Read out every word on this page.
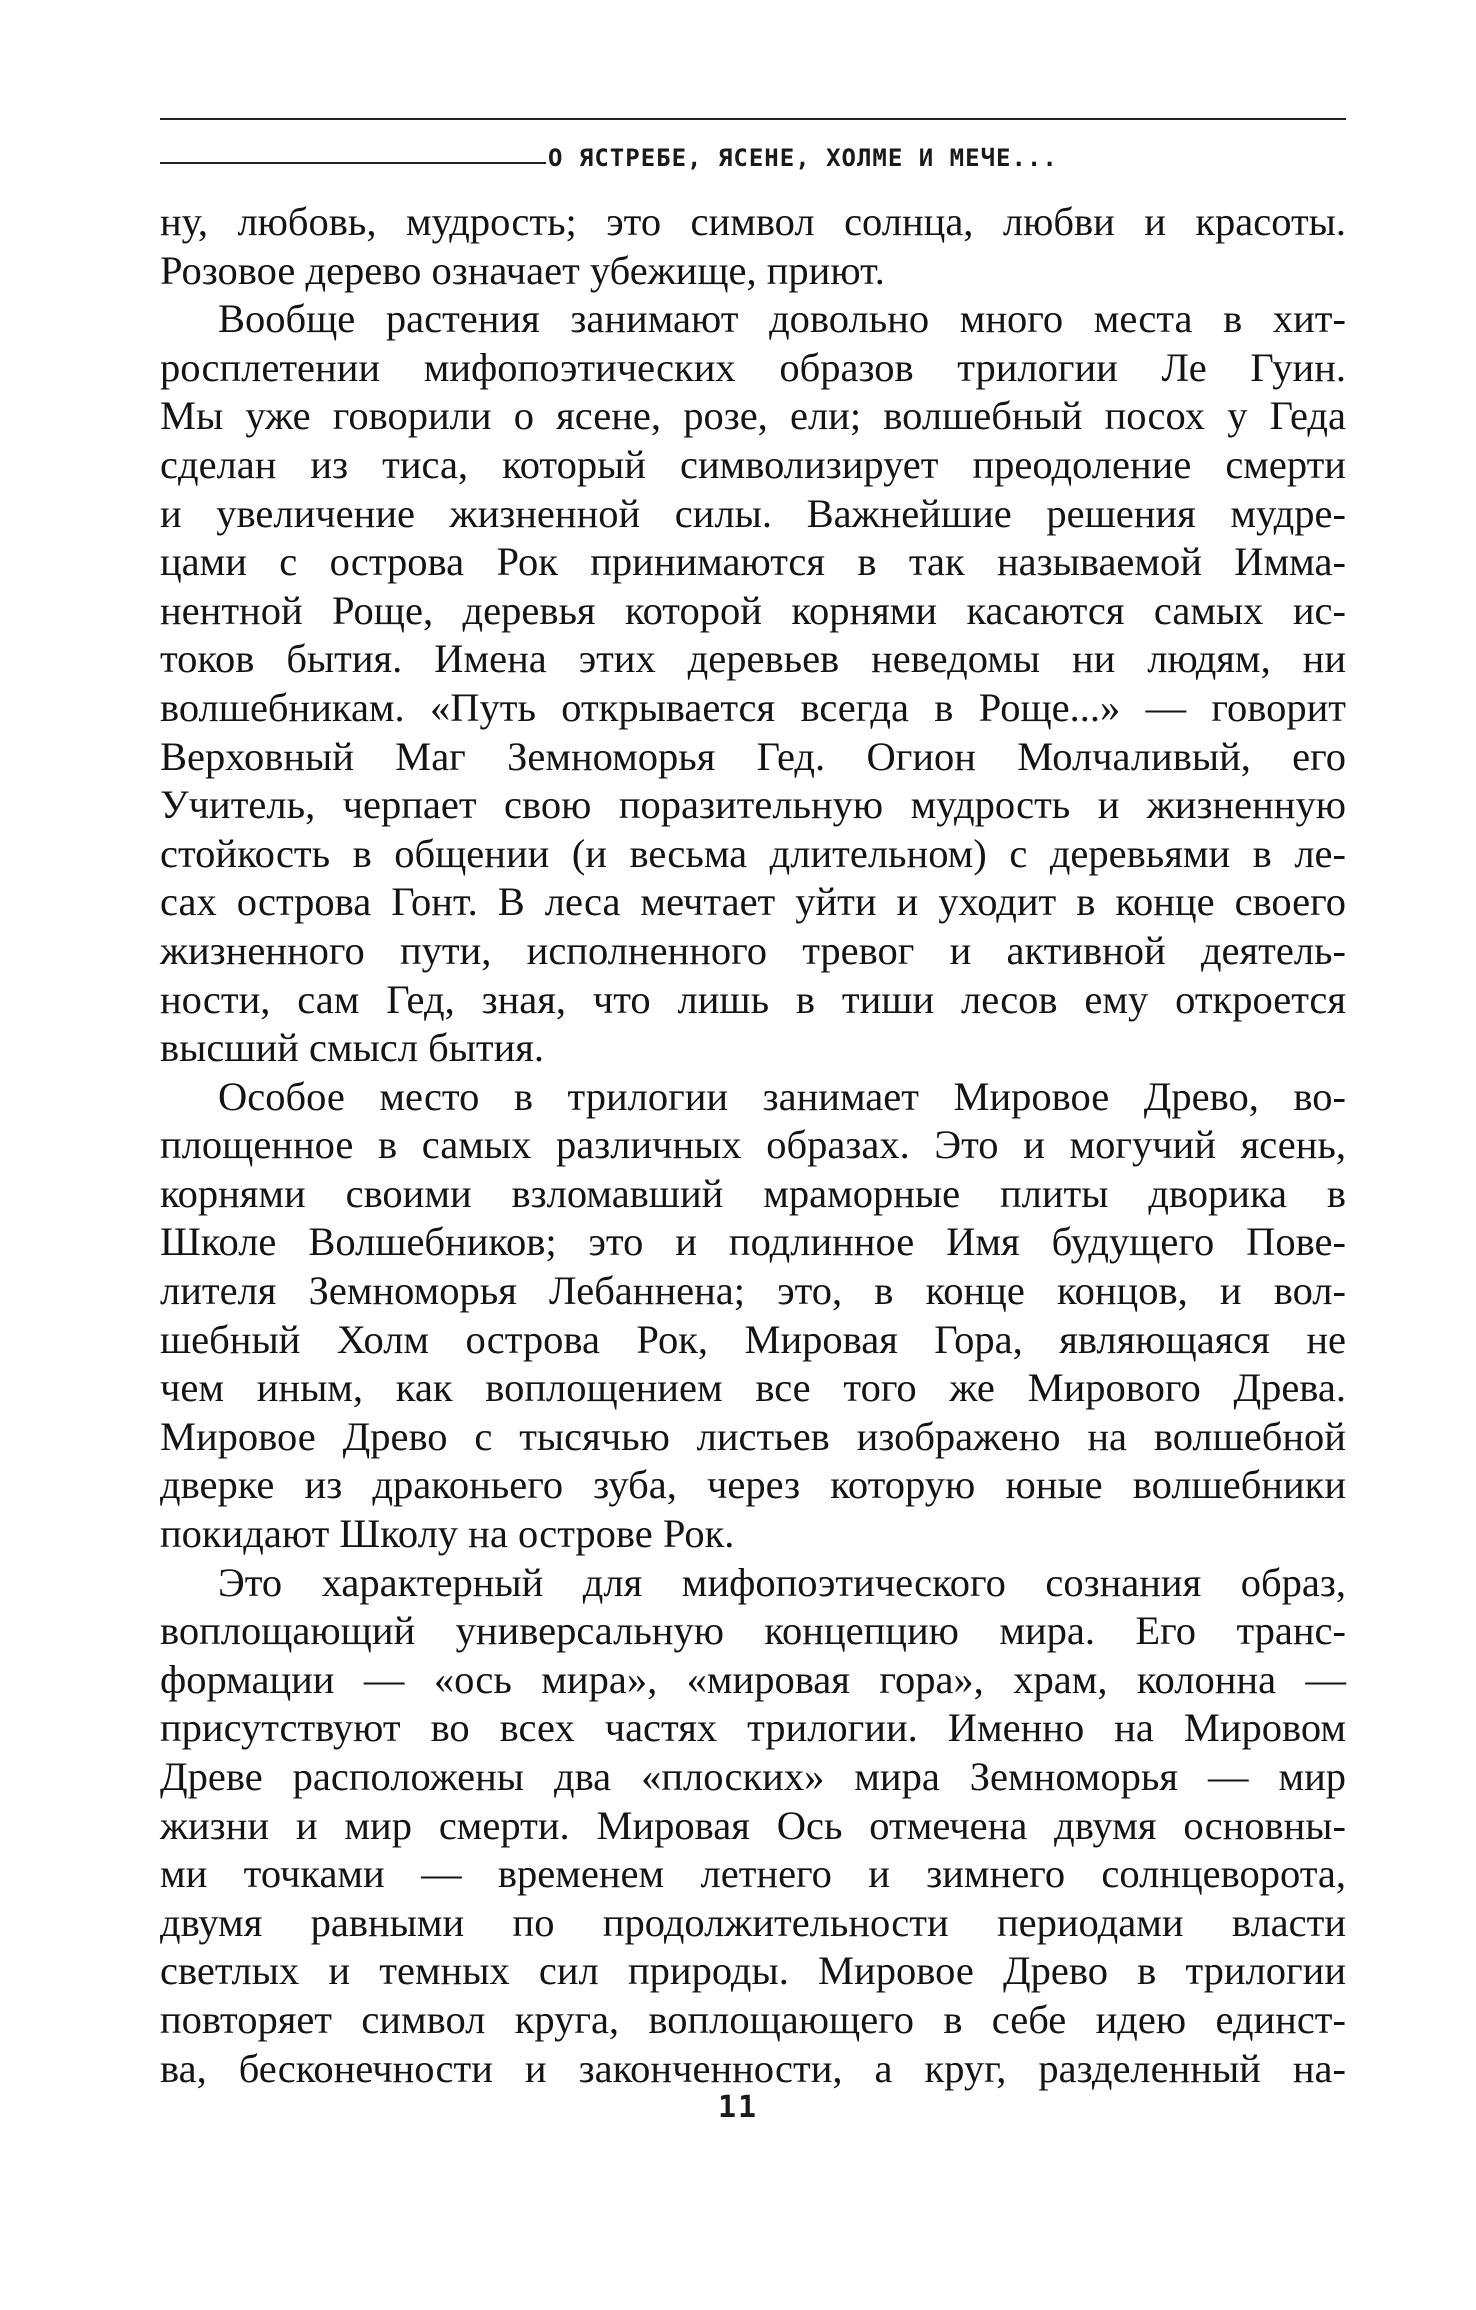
О ЯСТРЕБЕ, ЯСЕНЕ, ХОЛМЕ И МЕЧЕ...

ну, любовь, мудрость; это символ солнца, любви и красоты.
Розовое дерево означает убежище, приют.

Вообще растения занимают довольно много места в хит-
росплетении мифопоэтических образов трилогии Ле Гуин.
Мы уже говорили о ясене, розе, ели; волшебный посох у Геда
сделан из тиса, который символизирует преодоление смерти
и увеличение жизненной силы. Важнейшие решения мудре-
цами с острова Рок принимаются в так называемой Имма-
нентной Роще, деревья которой корнями касаются самых ис-
токов бытия. Имена этих деревьев неведомы ни людям, ни
волшебникам. «Путь открывается всегда в Роще...» — говорит
Верховный Маг Земноморья Гед. Огион Молчаливый, его
Учитель, черпает свою поразительную мудрость и жизненную
стойкость в общении (и весьма длительном) с деревьями в ле-
сах острова Гонт. В леса мечтает уйти и уходит в конце своего
жизненного пути, исполненного тревог и активной деятель-
ности, сам Гед, зная, что лишь в тиши лесов ему откроется
высший смысл бытия.

Особое место в трилогии занимает Мировое Древо, во-
площенное в самых различных образах. Это и могучий ясень,
корнями своими взломавший мраморные плиты дворика в
Школе Волшебников; это и подлинное Имя будущего Пове-
лителя Земноморья Лебаннена; это, в конце концов, и вол-
шебный Холм острова Рок, Мировая Гора, являющаяся не
чем иным, как воплощением все того же Мирового Древа.
Мировое Древо с тысячью листьев изображено на волшебной
дверке из драконьего зуба, через которую юные волшебники
покидают Школу на острове Рок.

Это характерный для мифопоэтического сознания образ,
воплощающий универсальную концепцию мира. Его транс-
формации — «ось мира», «мировая гора», храм, колонна —
присутствуют во всех частях трилогии. Именно на Мировом
Древе расположены два «плоских» мира Земноморья — мир
жизни и мир смерти. Мировая Ось отмечена двумя основны-
ми точками — временем летнего и зимнего солнцеворота,
двумя равными по продолжительности периодами власти
светлых и темных сил природы. Мировое Древо в трилогии
повторяет символ круга, воплощающего в себе идею единст-
ва, бесконечности и законченности, а круг, разделенный на-

11
